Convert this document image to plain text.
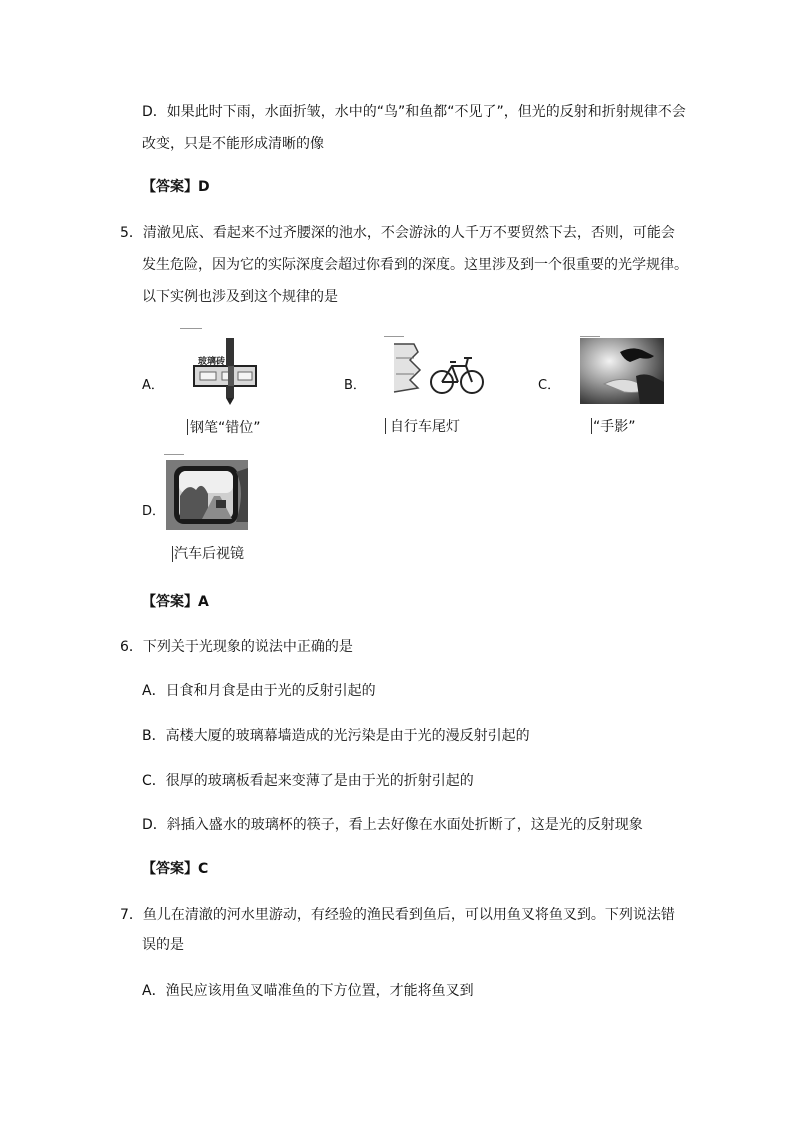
D．如果此时下雨，水面折皱，水中的“鸟”和鱼都“不见了”，但光的反射和折射规律不会
改变，只是不能形成清晰的像
【答案】D
5．清澈见底、看起来不过齐腰深的池水，不会游泳的人千万不要贸然下去，否则，可能会
发生危险，因为它的实际深度会超过你看到的深度。这里涉及到一个很重要的光学规律。
以下实例也涉及到这个规律的是
A．
玻璃砖
钢笔“错位”
B．
自行车尾灯
C．
“手影”
D．
汽车后视镜
【答案】A
6．下列关于光现象的说法中正确的是
A．日食和月食是由于光的反射引起的
B．高楼大厦的玻璃幕墙造成的光污染是由于光的漫反射引起的
C．很厚的玻璃板看起来变薄了是由于光的折射引起的
D．斜插入盛水的玻璃杯的筷子，看上去好像在水面处折断了，这是光的反射现象
【答案】C
7．鱼儿在清澈的河水里游动，有经验的渔民看到鱼后，可以用鱼叉将鱼叉到。下列说法错
误的是
A．渔民应该用鱼叉喵准鱼的下方位置，才能将鱼叉到
